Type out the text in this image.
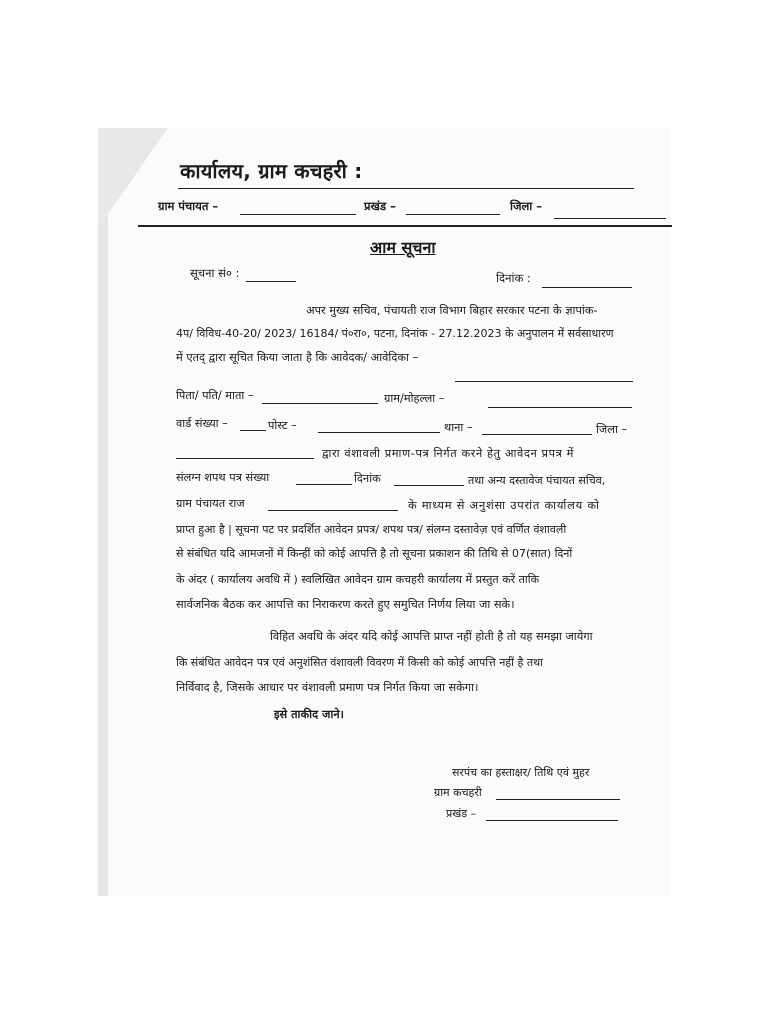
कार्यालय, ग्राम कचहरी :
ग्राम पंचायत –	प्रखंड –	जिला –
आम सूचना
सूचना सं० :	दिनांक :
अपर मुख्य सचिव, पंचायती राज विभाग बिहार सरकार पटना के ज्ञापांक-
4प/ विविध-40-20/ 2023/ 16184/ पं०रा०, पटना, दिनांक - 27.12.2023 के अनुपालन में सर्वसाधारण
में एतद् द्वारा सूचित किया जाता है कि आवेदक/ आवेदिका –
पिता/ पति/ माता –	ग्राम/मोहल्ला –
वार्ड संख्या –	पोस्ट –	थाना –	जिला –
द्वारा वंशावली प्रमाण-पत्र निर्गत करने हेतु आवेदन प्रपत्र में
संलग्न शपथ पत्र संख्या	दिनांक	तथा अन्य दस्तावेज पंचायत सचिव,
ग्राम पंचायत राज	के माध्यम से अनुशंसा उपरांत कार्यालय को
प्राप्त हुआ है | सूचना पट पर प्रदर्शित आवेदन प्रपत्र/ शपथ पत्र/ संलग्न दस्तावेज़ एवं वर्णित वंशावली
से संबंधित यदि आमजनों में किन्हीं को कोई आपत्ति है तो सूचना प्रकाशन की तिथि से 07(सात) दिनों
के अंदर ( कार्यालय अवधि में ) स्वलिखित आवेदन ग्राम कचहरी कार्यालय में प्रस्तुत करें ताकि
सार्वजनिक बैठक कर आपत्ति का निराकरण करते हुए समुचित निर्णय लिया जा सके।
विहित अवधि के अंदर यदि कोई आपत्ति प्राप्त नहीं होती है तो यह समझा जायेगा
कि संबंधित आवेदन पत्र एवं अनुशंसित वंशावली विवरण में किसी को कोई आपत्ति नहीं है तथा
निर्विवाद है, जिसके आधार पर वंशावली प्रमाण पत्र निर्गत किया जा सकेगा।
इसे ताकीद जाने।
सरपंच का हस्ताक्षर/ तिथि एवं मुहर
ग्राम कचहरी
प्रखंड –
